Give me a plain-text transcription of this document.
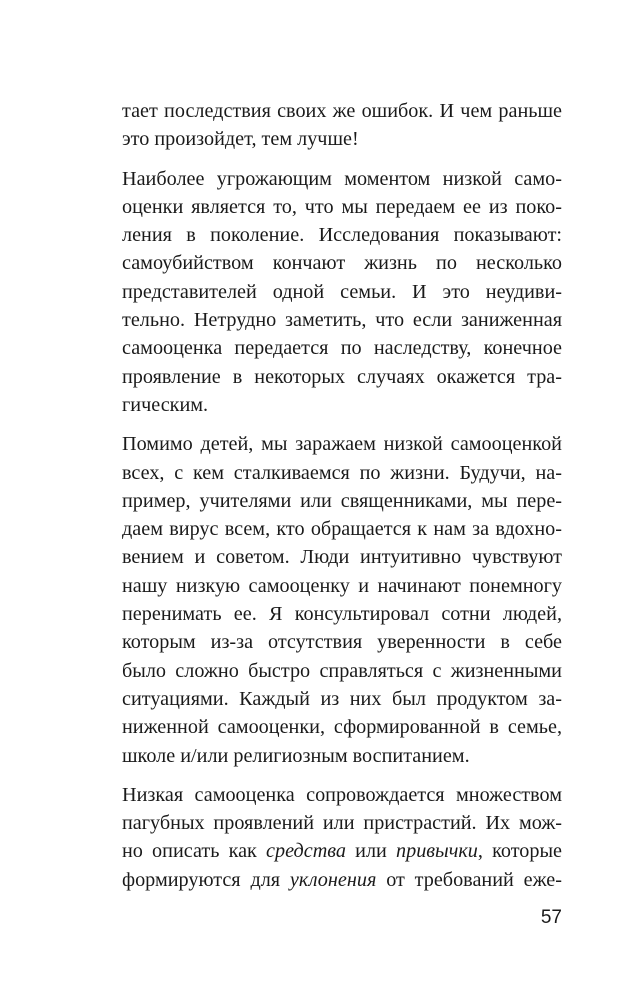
тает последствия своих же ошибок. И чем раньше
это произойдет, тем лучше!
Наиболее угрожающим моментом низкой само-
оценки является то, что мы передаем ее из поко-
ления в поколение. Исследования показывают:
самоубийством кончают жизнь по несколько
представителей одной семьи. И это неудиви-
тельно. Нетрудно заметить, что если заниженная
самооценка передается по наследству, конечное
проявление в некоторых случаях окажется тра-
гическим.
Помимо детей, мы заражаем низкой самооценкой
всех, с кем сталкиваемся по жизни. Будучи, на-
пример, учителями или священниками, мы пере-
даем вирус всем, кто обращается к нам за вдохно-
вением и советом. Люди интуитивно чувствуют
нашу низкую самооценку и начинают понемногу
перенимать ее. Я консультировал сотни людей,
которым из-за отсутствия уверенности в себе
было сложно быстро справляться с жизненными
ситуациями. Каждый из них был продуктом за-
ниженной самооценки, сформированной в семье,
школе и/или религиозным воспитанием.
Низкая самооценка сопровождается множеством
пагубных проявлений или пристрастий. Их мож-
но описать как средства или привычки, которые
формируются для уклонения от требований еже-
57
